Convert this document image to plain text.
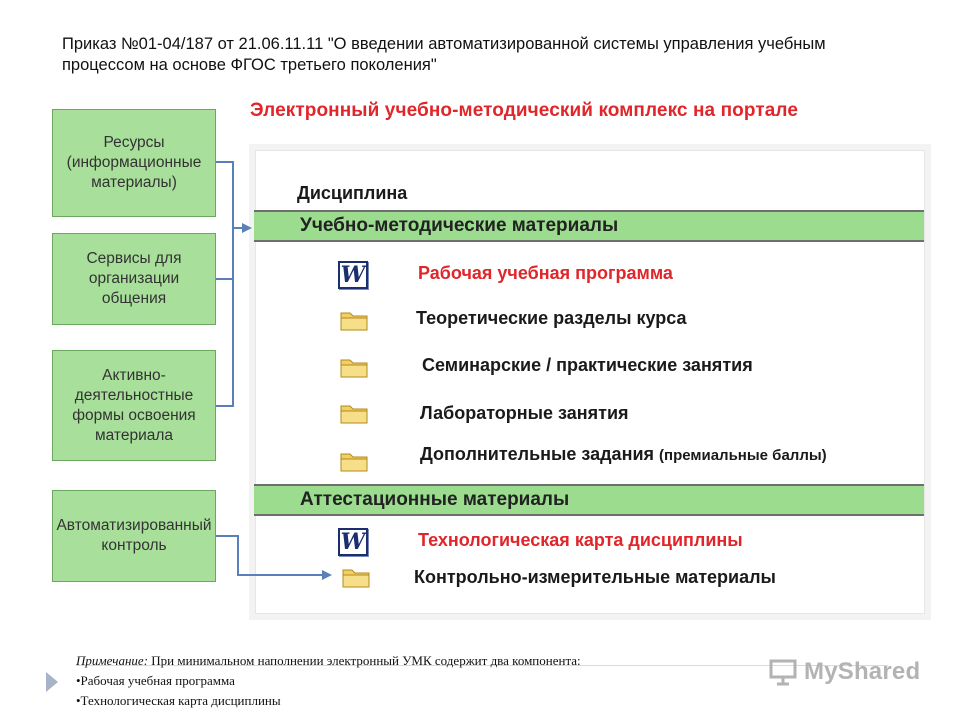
Приказ №01-04/187 от 21.06.11.11 "О введении автоматизированной системы управления учебным процессом на основе ФГОС третьего поколения"
Электронный учебно-методический комплекс на портале
Дисциплина
Учебно-методические материалы
W	Рабочая учебная программа
Теоретические разделы курса
Семинарские / практические занятия
Лабораторные занятия
Дополнительные задания (премиальные баллы)
Аттестационные материалы
W	Технологическая карта дисциплины
Контрольно-измерительные материалы
Ресурсы (информационные материалы)
Сервисы для организации общения
Активно-деятельностные формы освоения материала
Автоматизированный контроль
Примечание: При минимальном наполнении электронный УМК содержит два компонента:
•Рабочая учебная программа
•Технологическая карта дисциплины
MyShared
